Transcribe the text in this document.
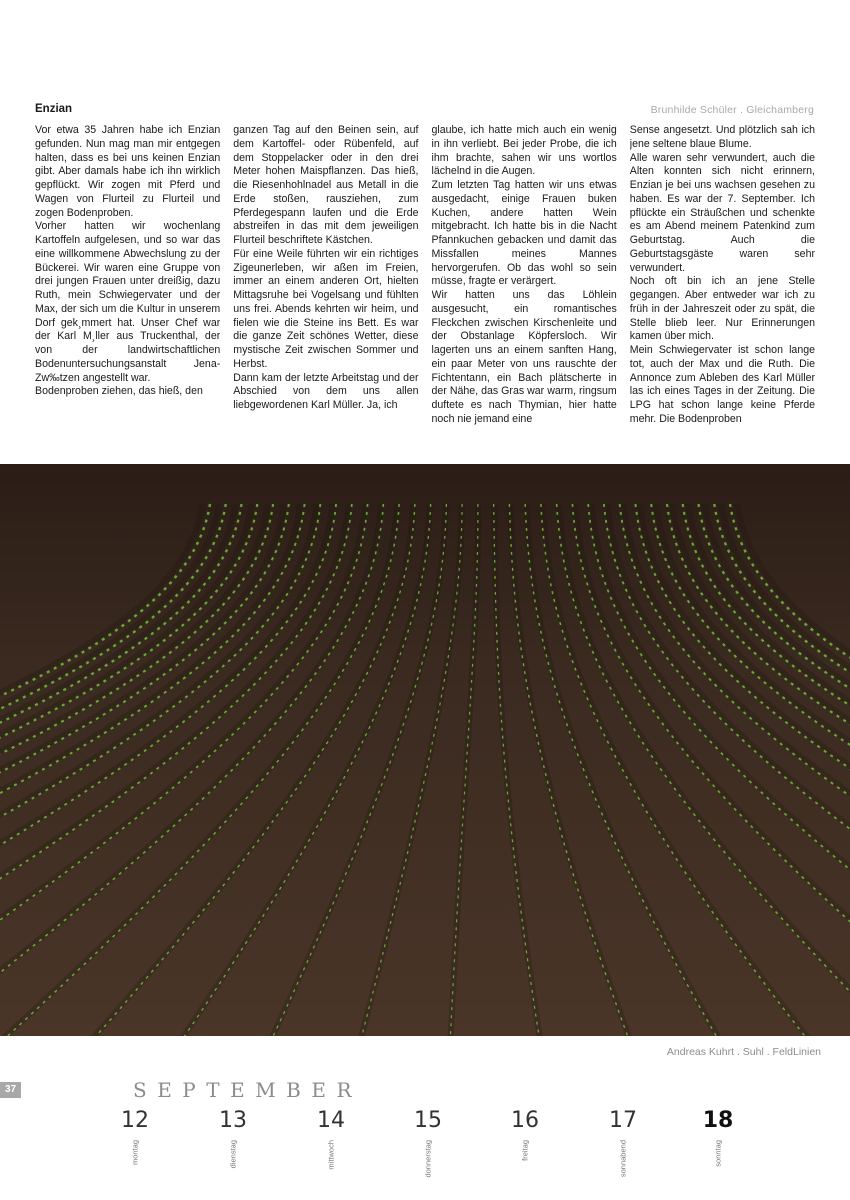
Enzian	Brunhilde Schüler . Gleichamberg

Vor etwa 35 Jahren habe ich Enzian gefunden. Nun mag man mir entgegen halten, dass es bei uns keinen Enzian gibt. Aber damals habe ich ihn wirklich gepflückt. Wir zogen mit Pferd und Wagen von Flurteil zu Flurteil und zogen Bodenproben.

Vorher hatten wir wochenlang Kartoffeln aufgelesen, und so war das eine willkommene Abwechslung zu der Bückerei. Wir waren eine Gruppe von drei jungen Frauen unter dreißig, dazu Ruth, mein Schwiegervater und der Max, der sich um die Kultur in unserem Dorf gek¸mmert hat. Unser Chef war der Karl M¸ller aus Truckenthal, der von der landwirtschaftlichen Bodenuntersuchungsanstalt Jena-Zw‰tzen angestellt war.

Bodenproben ziehen, das hieß, den

ganzen Tag auf den Beinen sein, auf dem Kartoffel- oder Rübenfeld, auf dem Stoppelacker oder in den drei Meter hohen Maispflanzen. Das hieß, die Riesenhohlnadel aus Metall in die Erde stoßen, rausziehen, zum Pferdegespann laufen und die Erde abstreifen in das mit dem jeweiligen Flurteil beschriftete Kästchen.

Für eine Weile führten wir ein richtiges Zigeunerleben, wir aßen im Freien, immer an einem anderen Ort, hielten Mittagsruhe bei Vogelsang und fühlten uns frei. Abends kehrten wir heim, und fielen wie die Steine ins Bett. Es war die ganze Zeit schönes Wetter, diese mystische Zeit zwischen Sommer und Herbst.

Dann kam der letzte Arbeitstag und der Abschied von dem uns allen liebgewordenen Karl Müller. Ja, ich

glaube, ich hatte mich auch ein wenig in ihn verliebt. Bei jeder Probe, die ich ihm brachte, sahen wir uns wortlos lächelnd in die Augen.

Zum letzten Tag hatten wir uns etwas ausgedacht, einige Frauen buken Kuchen, andere hatten Wein mitgebracht. Ich hatte bis in die Nacht Pfannkuchen gebacken und damit das Missfallen meines Mannes hervorgerufen. Ob das wohl so sein müsse, fragte er verärgert.

Wir hatten uns das Löhlein ausgesucht, ein romantisches Fleckchen zwischen Kirschenleite und der Obstanlage Köpfersloch. Wir lagerten uns an einem sanften Hang, ein paar Meter von uns rauschte der Fichtentann, ein Bach plätscherte in der Nähe, das Gras war warm, ringsum duftete es nach Thymian, hier hatte noch nie jemand eine

Sense angesetzt. Und plötzlich sah ich jene seltene blaue Blume.

Alle waren sehr verwundert, auch die Alten konnten sich nicht erinnern, Enzian je bei uns wachsen gesehen zu haben. Es war der 7. September. Ich pflückte ein Sträußchen und schenkte es am Abend meinem Patenkind zum Geburtstag. Auch die Geburtstagsgäste waren sehr verwundert.

Noch oft bin ich an jene Stelle gegangen. Aber entweder war ich zu früh in der Jahreszeit oder zu spät, die Stelle blieb leer. Nur Erinnerungen kamen über mich.

Mein Schwiegervater ist schon lange tot, auch der Max und die Ruth. Die Annonce zum Ableben des Karl Müller las ich eines Tages in der Zeitung. Die LPG hat schon lange keine Pferde mehr. Die Bodenproben

Andreas Kuhrt . Suhl . FeldLinien
37	SEPTEMBER
12
montag
13
dienstag
14
mittwoch
15
donnerstag
16
freitag
17
sonnabend
18
sonntag
